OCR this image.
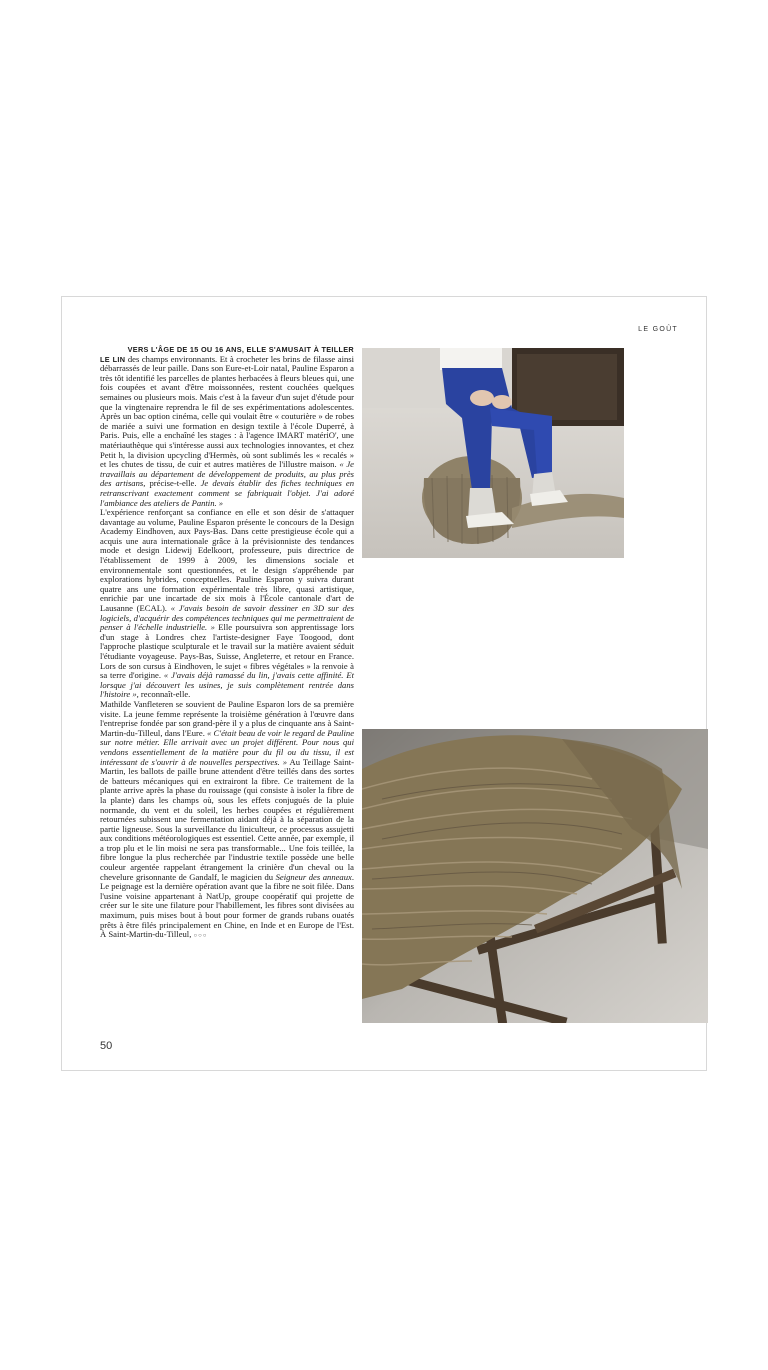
LE GOÛT

VERS L'ÂGE DE 15 OU 16 ANS, ELLE S'AMUSAIT À TEILLER
LE LIN des champs environnants. Et à crocheter les brins de filasse ainsi débarrassés de leur paille. Dans son Eure-et-Loir natal, Pauline Esparon a très tôt identifié les parcelles de plantes herbacées à fleurs bleues qui, une fois coupées et avant d'être moissonnées, restent couchées quelques semaines ou plusieurs mois. Mais c'est à la faveur d'un sujet d'étude pour que la vingtenaire reprendra le fil de ses expérimentations adolescentes. Après un bac option cinéma, celle qui voulait être « couturière » de robes de mariée a suivi une formation en design textile à l'école Duperré, à Paris. Puis, elle a enchaîné les stages : à l'agence IMART matériO', une matériauthèque qui s'intéresse aussi aux technologies innovantes, et chez Petit h, la division upcycling d'Hermès, où sont sublimés les « recalés » et les chutes de tissu, de cuir et autres matières de l'illustre maison. « Je travaillais au département de développement de produits, au plus près des artisans, précise-t-elle. Je devais établir des fiches techniques en retranscrivant exactement comment se fabriquait l'objet. J'ai adoré l'ambiance des ateliers de Pantin. »

L'expérience renforçant sa confiance en elle et son désir de s'attaquer davantage au volume, Pauline Esparon présente le concours de la Design Academy Eindhoven, aux Pays-Bas. Dans cette prestigieuse école qui a acquis une aura internationale grâce à la prévisionniste des tendances mode et design Lidewij Edelkoort, professeure, puis directrice de l'établissement de 1999 à 2009, les dimensions sociale et environnementale sont questionnées, et le design s'appréhende par explorations hybrides, conceptuelles. Pauline Esparon y suivra durant quatre ans une formation expérimentale très libre, quasi artistique, enrichie par une incartade de six mois à l'École cantonale d'art de Lausanne (ECAL). « J'avais besoin de savoir dessiner en 3D sur des logiciels, d'acquérir des compétences techniques qui me permettraient de penser à l'échelle industrielle. » Elle poursuivra son apprentissage lors d'un stage à Londres chez l'artiste-designer Faye Toogood, dont l'approche plastique sculpturale et le travail sur la matière avaient séduit l'étudiante voyageuse. Pays-Bas, Suisse, Angleterre, et retour en France. Lors de son cursus à Eindhoven, le sujet « fibres végétales » la renvoie à sa terre d'origine. « J'avais déjà ramassé du lin, j'avais cette affinité. Et lorsque j'ai découvert les usines, je suis complètement rentrée dans l'histoire », reconnaît-elle.

Mathilde Vanfleteren se souvient de Pauline Esparon lors de sa première visite. La jeune femme représente la troisième génération à l'œuvre dans l'entreprise fondée par son grand-père il y a plus de cinquante ans à Saint-Martin-du-Tilleul, dans l'Eure. « C'était beau de voir le regard de Pauline sur notre métier. Elle arrivait avec un projet différent. Pour nous qui vendons essentiellement de la matière pour du fil ou du tissu, il est intéressant de s'ouvrir à de nouvelles perspectives. » Au Teillage Saint-Martin, les ballots de paille brune attendent d'être teillés dans des sortes de batteurs mécaniques qui en extrairont la fibre. Ce traitement de la plante arrive après la phase du rouissage (qui consiste à isoler la fibre de la plante) dans les champs où, sous les effets conjugués de la pluie normande, du vent et du soleil, les herbes coupées et régulièrement retournées subissent une fermentation aidant déjà à la séparation de la partie ligneuse. Sous la surveillance du liniculteur, ce processus assujetti aux conditions météorologiques est essentiel. Cette année, par exemple, il a trop plu et le lin moisi ne sera pas transformable... Une fois teillée, la fibre longue la plus recherchée par l'industrie textile possède une belle couleur argentée rappelant étrangement la crinière d'un cheval ou la chevelure grisonnante de Gandalf, le magicien du Seigneur des anneaux. Le peignage est la dernière opération avant que la fibre ne soit filée. Dans l'usine voisine appartenant à NatUp, groupe coopératif qui projette de créer sur le site une filature pour l'habillement, les fibres sont divisées au maximum, puis mises bout à bout pour former de grands rubans ouatés prêts à être filés principalement en Chine, en Inde et en Europe de l'Est. À Saint-Martin-du-Tilleul, ○○○

50
